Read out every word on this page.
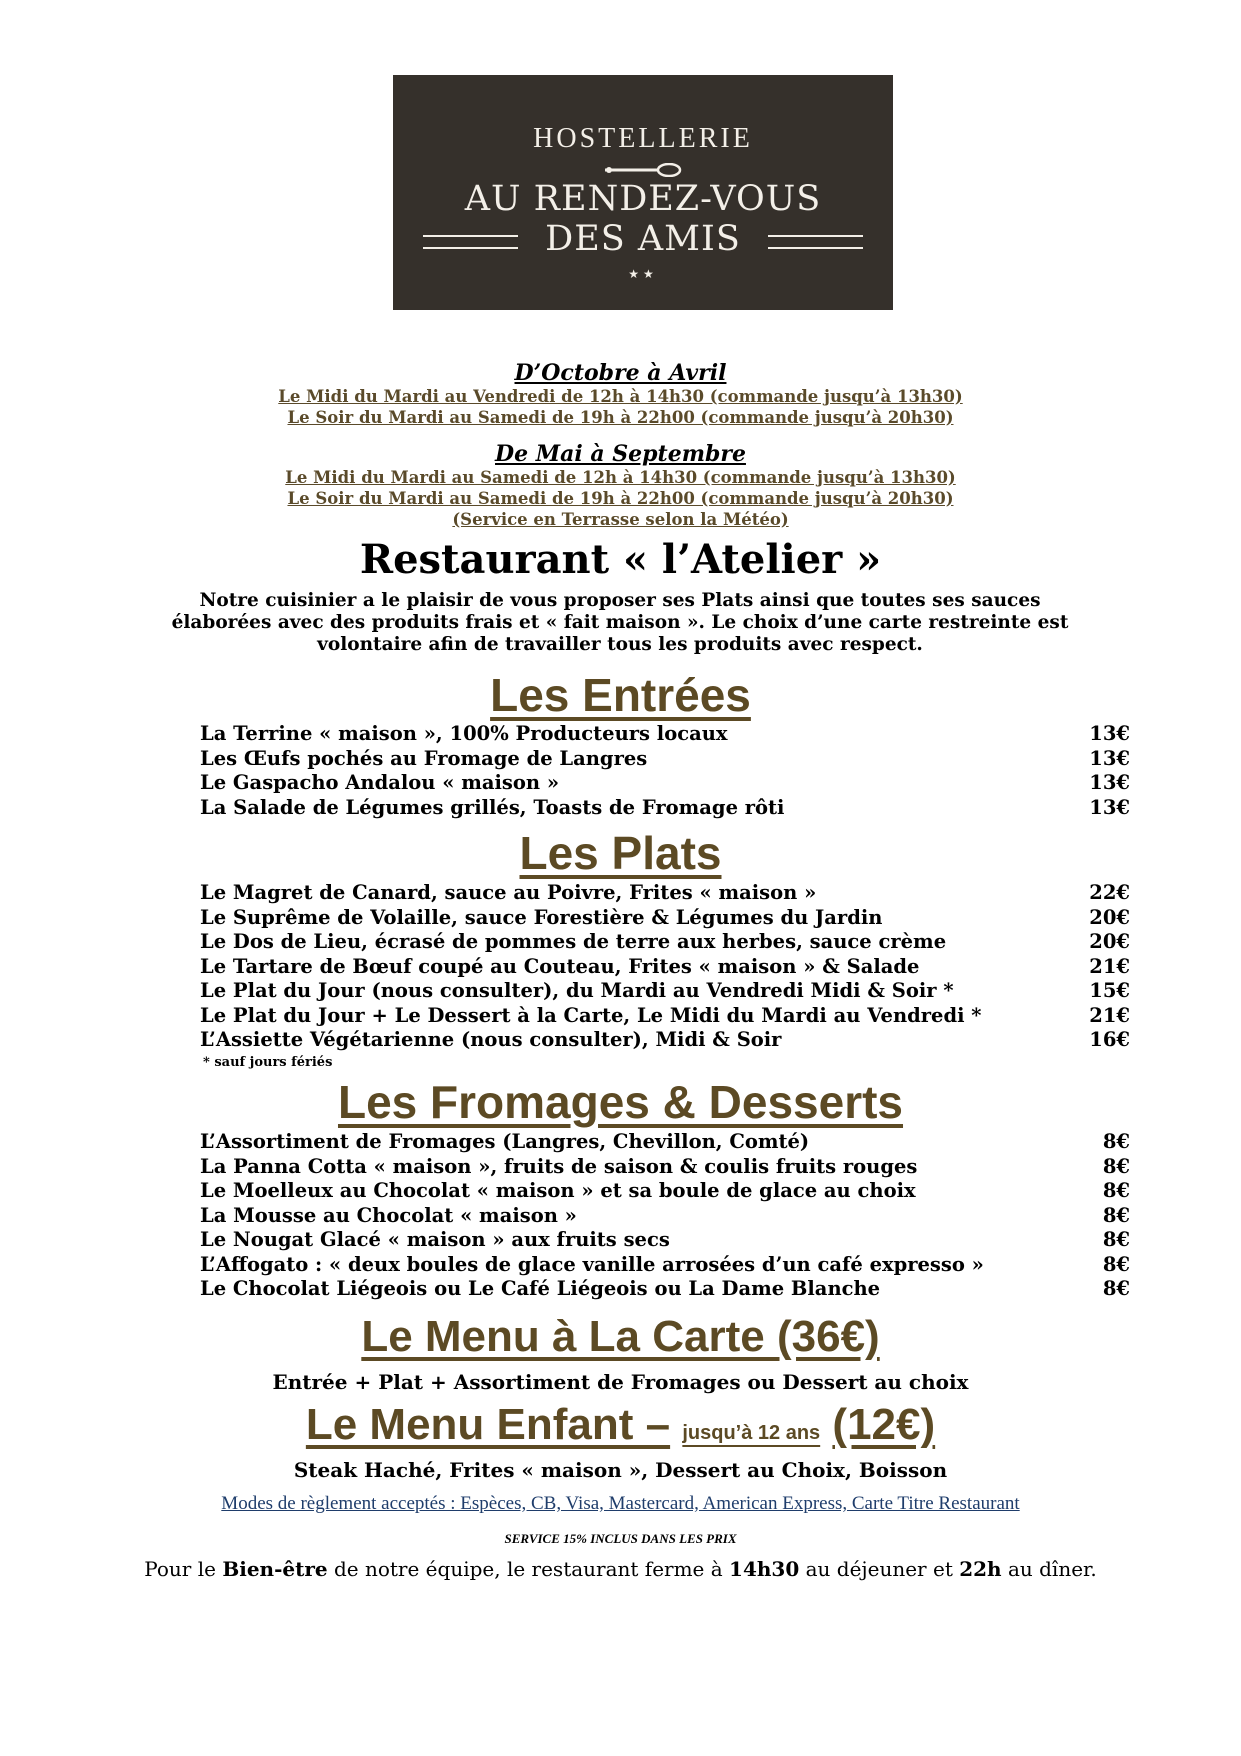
HOSTELLERIE
AU RENDEZ-VOUS
DES AMIS
★★
D’Octobre à Avril
Le Midi du Mardi au Vendredi de 12h à 14h30 (commande jusqu’à 13h30)
Le Soir du Mardi au Samedi de 19h à 22h00 (commande jusqu’à 20h30)
De Mai à Septembre
Le Midi du Mardi au Samedi de 12h à 14h30 (commande jusqu’à 13h30)
Le Soir du Mardi au Samedi de 19h à 22h00 (commande jusqu’à 20h30)
(Service en Terrasse selon la Météo)
Restaurant « l’Atelier »
Notre cuisinier a le plaisir de vous proposer ses Plats ainsi que toutes ses sauces élaborées avec des produits frais et « fait maison ». Le choix d’une carte restreinte est volontaire afin de travailler tous les produits avec respect.
Les Entrées
La Terrine « maison », 100% Producteurs locaux	13€
Les Œufs pochés au Fromage de Langres	13€
Le Gaspacho Andalou « maison »	13€
La Salade de Légumes grillés, Toasts de Fromage rôti	13€
Les Plats
Le Magret de Canard, sauce au Poivre, Frites « maison »	22€
Le Suprême de Volaille, sauce Forestière & Légumes du Jardin	20€
Le Dos de Lieu, écrasé de pommes de terre aux herbes, sauce crème	20€
Le Tartare de Bœuf coupé au Couteau, Frites « maison » & Salade	21€
Le Plat du Jour (nous consulter), du Mardi au Vendredi Midi & Soir *	15€
Le Plat du Jour + Le Dessert à la Carte, Le Midi du Mardi au Vendredi *	21€
L’Assiette Végétarienne (nous consulter), Midi & Soir	16€
* sauf jours fériés
Les Fromages & Desserts
L’Assortiment de Fromages (Langres, Chevillon, Comté)	8€
La Panna Cotta « maison », fruits de saison & coulis fruits rouges	8€
Le Moelleux au Chocolat « maison » et sa boule de glace au choix	8€
La Mousse au Chocolat « maison »	8€
Le Nougat Glacé « maison » aux fruits secs	8€
L’Affogato : « deux boules de glace vanille arrosées d’un café expresso »	8€
Le Chocolat Liégeois ou Le Café Liégeois ou La Dame Blanche	8€
Le Menu à La Carte (36€)
Entrée + Plat + Assortiment de Fromages ou Dessert au choix
Le Menu Enfant – jusqu’à 12 ans (12€)
Steak Haché, Frites « maison », Dessert au Choix, Boisson
Modes de règlement acceptés : Espèces, CB, Visa, Mastercard, American Express, Carte Titre Restaurant
SERVICE 15% INCLUS DANS LES PRIX
Pour le Bien-être de notre équipe, le restaurant ferme à 14h30 au déjeuner et 22h au dîner.
